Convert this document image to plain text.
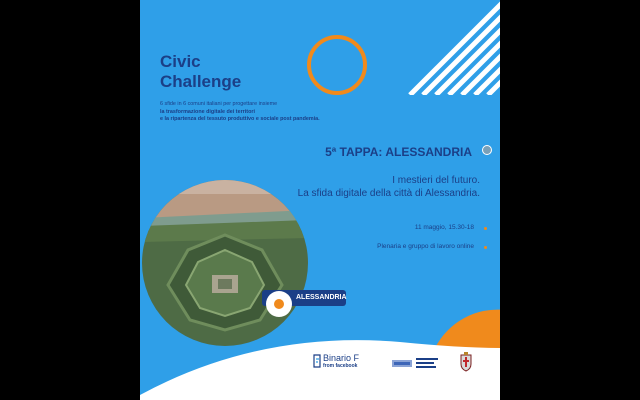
Civic
Challenge
6 sfide in 6 comuni italiani per progettare insieme
la trasformazione digitale dei territori
e la ripartenza del tessuto produttivo e sociale post pandemia.
5ª TAPPA: ALESSANDRIA
I mestieri del futuro.
La sfida digitale della città di Alessandria.
11 maggio, 15.30-18
Plenaria e gruppo di lavoro online
ALESSANDRIA
Binario F
from facebook
